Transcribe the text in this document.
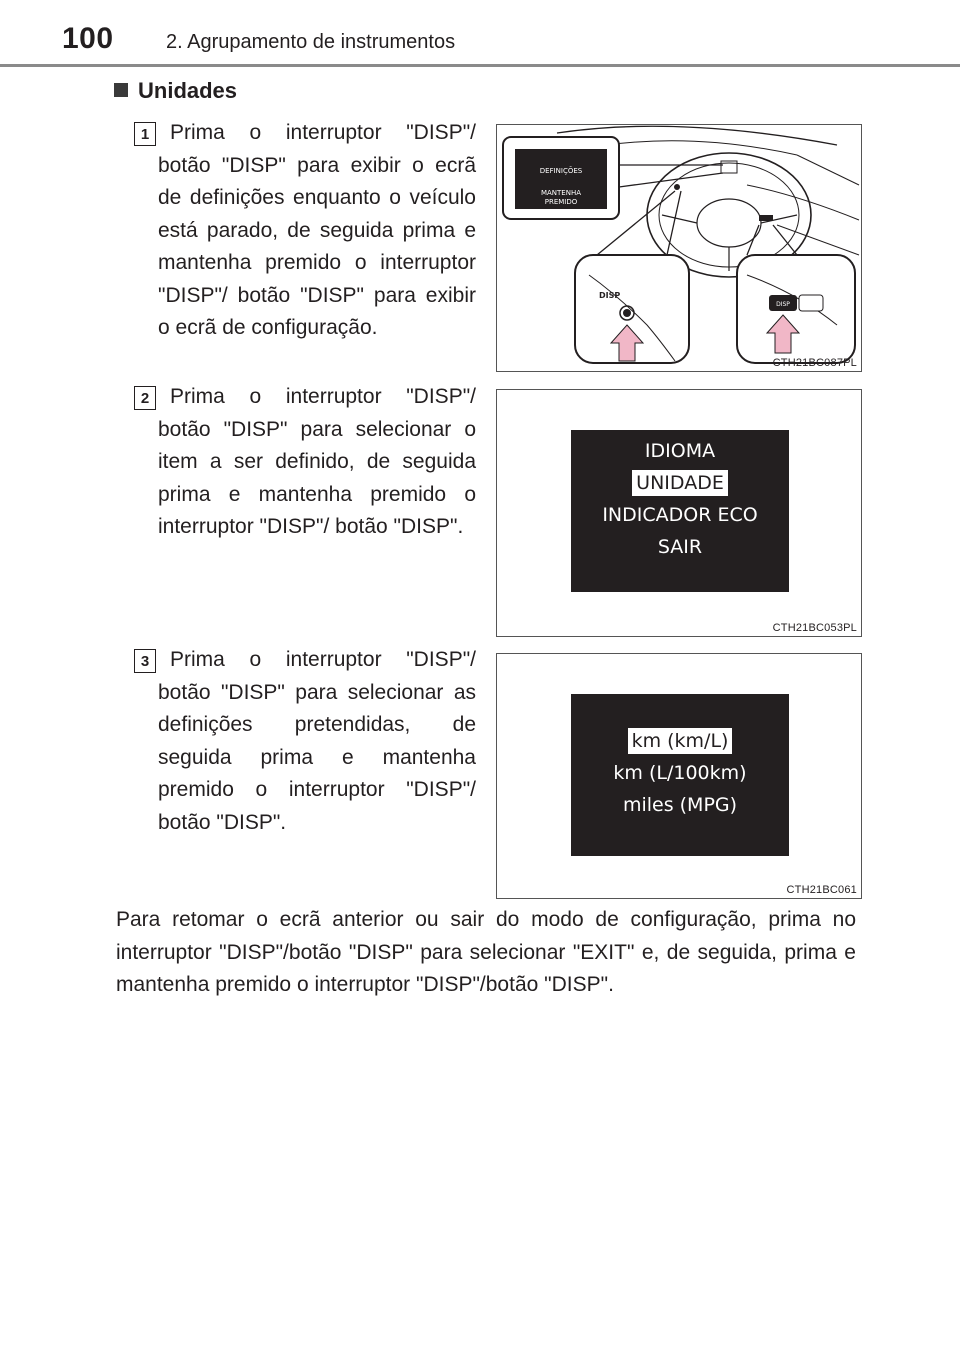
100	2. Agrupamento de instrumentos
Unidades
1 Prima o interruptor "DISP"/ botão "DISP" para exibir o ecrã de definições enquanto o veículo está parado, de seguida prima e mantenha premido o interruptor "DISP"/ botão "DISP" para exibir o ecrã de configuração.
DEFINIÇÕES
MANTENHA
PREMIDO
DISP
DISP
CTH21BC087PL
2 Prima o interruptor "DISP"/ botão "DISP" para selecionar o item a ser definido, de seguida prima e mantenha premido o interruptor "DISP"/ botão "DISP".
IDIOMA
UNIDADE
INDICADOR ECO
SAIR
CTH21BC053PL
3 Prima o interruptor "DISP"/ botão "DISP" para selecionar as definições pretendidas, de seguida prima e mantenha premido o interruptor "DISP"/ botão "DISP".
km (km/L)
km (L/100km)
miles (MPG)
CTH21BC061
Para retomar o ecrã anterior ou sair do modo de configuração, prima no interruptor "DISP"/botão "DISP" para selecionar "EXIT" e, de seguida, prima e mantenha premido o interruptor "DISP"/botão "DISP".
